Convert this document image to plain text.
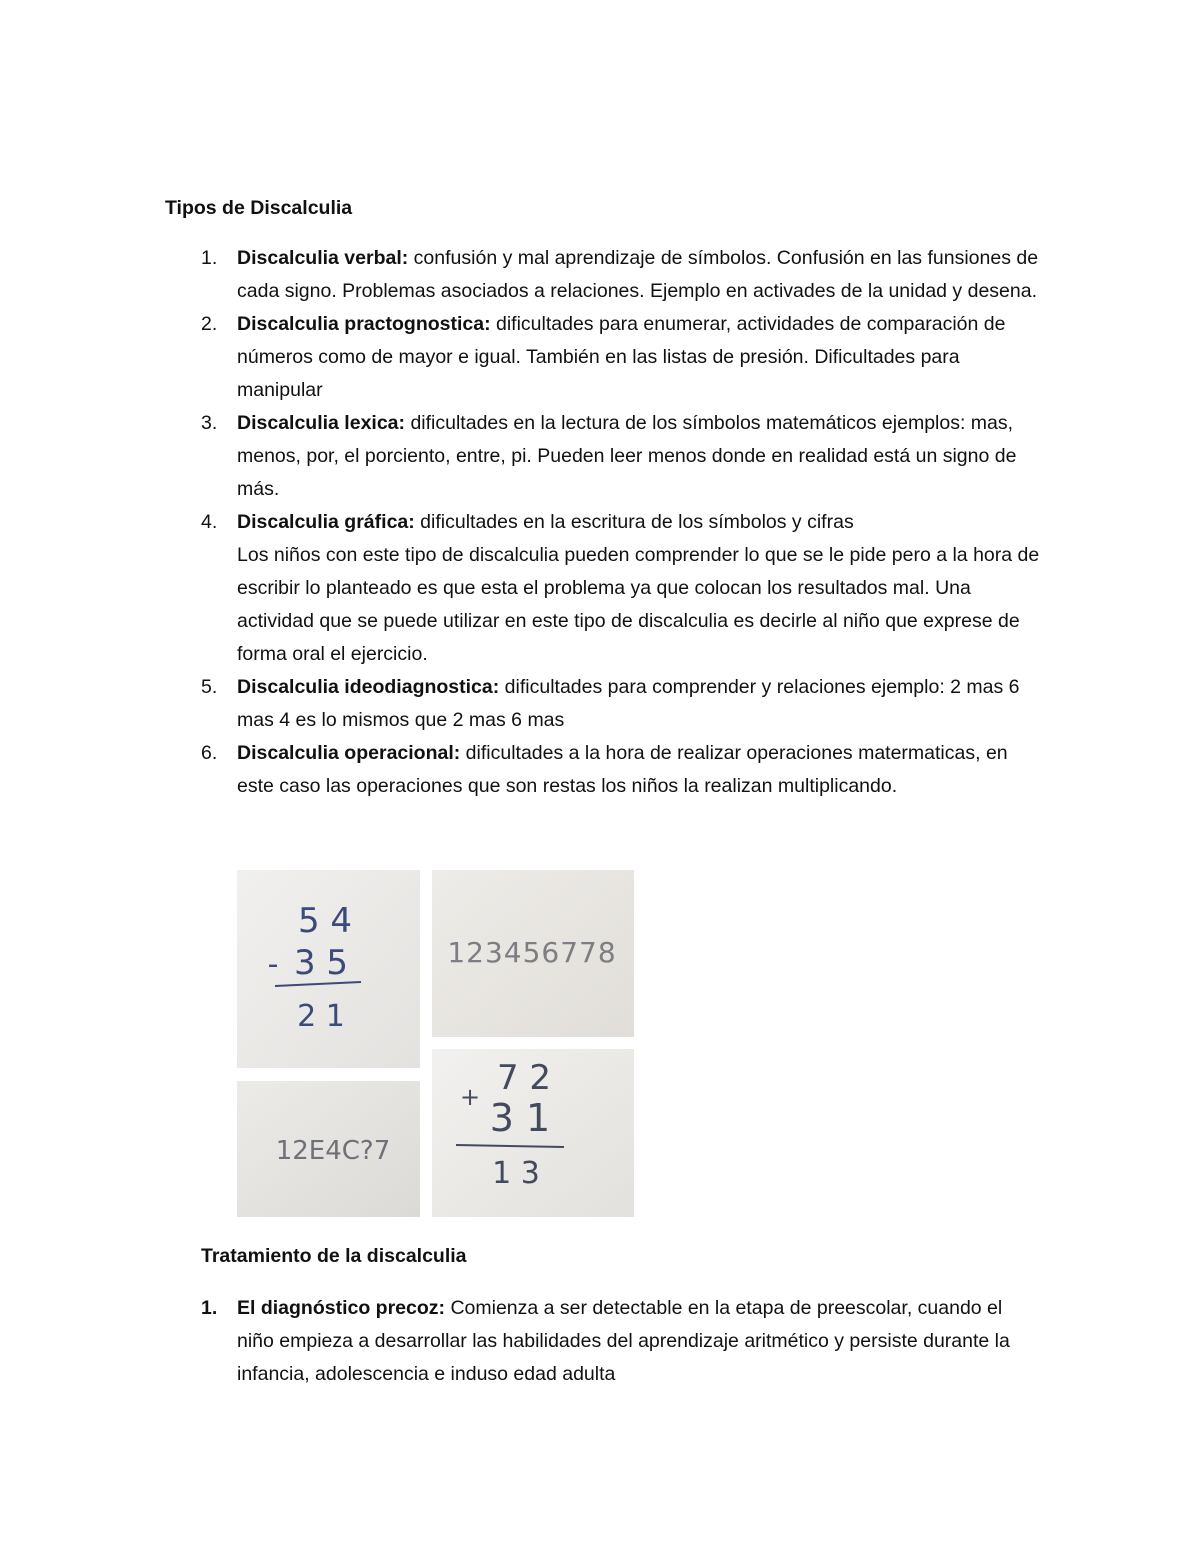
Tipos de Discalculia
1. Discalculia verbal: confusión y mal aprendizaje de símbolos. Confusión en las funsiones de cada signo. Problemas asociados a relaciones. Ejemplo en activades de la unidad y desena.
2. Discalculia practognostica: dificultades para enumerar, actividades de comparación de números como de mayor e igual. También en las listas de presión. Dificultades para manipular
3. Discalculia lexica: dificultades en la lectura de los símbolos matemáticos ejemplos: mas, menos, por, el porciento, entre, pi. Pueden leer menos donde en realidad está un signo de más.
4. Discalculia gráfica: dificultades en la escritura de los símbolos y cifras
Los niños con este tipo de discalculia pueden comprender lo que se le pide pero a la hora de escribir lo planteado es que esta el problema ya que colocan los resultados mal. Una actividad que se puede utilizar en este tipo de discalculia es decirle al niño que exprese de forma oral el ejercicio.
5. Discalculia ideodiagnostica: dificultades para comprender y relaciones ejemplo: 2 mas 6 mas 4 es lo mismos que 2 mas 6 mas
6. Discalculia operacional: dificultades a la hora de realizar operaciones matermaticas, en este caso las operaciones que son restas los niños la realizan multiplicando.
5 4
- 3 5
2 1
123456778
12E4C?7
+ 7 2
3 1
1 3
Tratamiento de la discalculia
1. El diagnóstico precoz: Comienza a ser detectable en la etapa de preescolar, cuando el niño empieza a desarrollar las habilidades del aprendizaje aritmético y persiste durante la infancia, adolescencia e induso edad adulta
